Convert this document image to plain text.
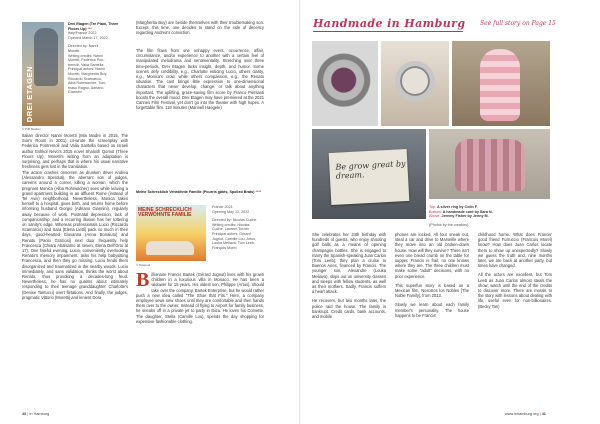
DREI ETAGEN
© Piffl Medien
Drei Etagen (Tre Piani, Three Floors Up) ***
Italy/France 2022
Opened March 17, 2022
Directed by: Nanni
Moretti
Writing credits: Nanni
Moretti, Federica Pon-
tremoli, Valia Santella
Principal actors: Nanni
Moretti, Margherita Buy,
Riccardo Scamarcio,
Alba Rohrwacher, Tom-
maso Ragno, Adriano
Giannini
Italian director Nanni Moretti (Mia Madre in 2015, The Son's Room in 2001) co-wrote the screenplay with Federica Pontremoli and Valia Santella based on Israeli author Eshkol Nevo's 2015 novel Shalosh Qomot (Three Floors Up). Moretti's writing from an adaptation is surprising, and perhaps that is where his usual narrative freshness gets lost in the translation.
The action crashes onscreen as drunken driver Andrea (Alessandro Sperduti), the aberrant son of judges, careens around a corner, killing a woman, which the pregnant Monica (Alba Rohrwacher) sees while leaving a grand apartment building in an affluent Rome (instead of Tel Aviv) neighborhood. Nevertheless, Monica takes herself to a hospital, gives birth, and returns home before informing husband Giorgio (Adriano Giannini), regularly away because of work. Postnatal depression, lack of companionship, and a recurring illusion has her tottering on sanity's edge. Whereas professionals Lucio (Riccardo Scamarcio) and Sara (Elena Lietti) pack so much in their days, good-hearted Giovanna (Anna Bonaiuto) and Renato (Paolo Graziosi) next door frequently help Francesca (Chiara Abalsamo at seven, Elena Dell'Orto at 17). One fateful evening, Lucio, conveniently overlooking Renato's memory impairment, asks his help babysitting Francesca, and then they go missing. Lucio fends them disorganized and traumatized in the nearby woods. Lucio immediately, and sans validation, thinks the worst about Renato, thus provoking a decades-long feud. Nevertheless, he has no qualms about intimately responding to their teenage granddaughter Charlotte's (Denise Tantucci) overt flirtations. And finally, the judges, pragmatic Vittorio (Moretti) and lenient Dora
(Margherita Buy) are beside themselves with their troublemaking son. Except, this time, one decides to stand on the side of decency regarding Andrea's conviction.
The film flows from one unhappy event, occurrence, affair, circumstance, and/or experience to another with a certain feel of manipulated melodrama and sentimentality. Stretching over three time-periods, Drei Etagen lacks insight, depth, and humor. Some scenes defy credibility, e.g., Charlotte enticing Lucio, others clarity, e.g., Monica's crow, while others compassion, e.g., the Renato situation. The cast brings little expression to one-dimensional characters that never develop, change, or talk about anything important. The uplifting, grace-saving film score by Franco Piersanti boosts the overall mood. Drei Etagen may have premiered at the 2021 Cannes Film Festival, yet don't go into the theater with high hopes. A forgettable film. 119 minutes (Marinell Haegele)
Meine Schrecklich Verwöhnte Familie (Pourris gâtés, Spoiled Brats) ****
MEINE SCHRECKLICH VERWÖHNTE FAMILIE
© Telepool
France 2021
Opening May 12, 2022
Directed by: Nicolas Cuche
Writing credits: Nicolas
Cuche, Laurent Turner
Principal actors: Gérard
Jugnot, Camille Lou, Artus,
Louka Meliava, Tom Leeb,
François Morel
Billionaire Francis Bartek (Gérard Jugnot) lives with his grown children in a luxurious villa in Monaco. He has been a widower for 15 years. His oldest son, Philippe (Artus), should take over the company, Bartek Enterprise, but he would rather push a new idea called "The Shoe that Fits." Here, a company employee sews new shoes until they are comfortable and then hands them over to the owner. Instead of flying to Airport for family business, he sneaks off in a private jet to party in Ibiza. He loves his Corvette. The daughter, Stella (Camille Lou), spends the day shopping for expensive fashionable clothing.
40 | In Hamburg
Handmade in Hamburg See full story on Page 15
Be grow great by dream.
Top: A silver ring by Colin F.
Bottom: A handmade card by Sara N.
Above: Jeremy Fisher by Jenny M.
(Photos by the creators)
She celebrates her 24th birthday with hundreds of guests, who enjoy shooting golf balls as a means of opening champagne bottles. She is engaged to marry the Spanish-speaking Juan Carlos (Tom Leeb); they plan a cruise to Buenos Aires, financed by Francis. The younger son, Alexandre (Louka Meliava), skips out on university classes and sleeps with fellow students, as well as their mothers. Sadly, Francis suffers a heart attack.
He recovers, but two months later, the police raid the house. The family is bankrupt. Credit cards, bank accounts, and mobile
phones are locked. All four sneak out, steal a car and drive to Marseille where they move into an old broken-down house. How will they survive? There isn't even one bread crumb on the table for supper. Francis is frail; no one knows where they are. The three children must make some "adult" decisions, with no prior experience.
This superfun story is based on a Mexican film, Nosotros los Nobles [The Noble Family], from 2013.
Slowly we learn about each family member's personality. The house happens to be Francis'
childhood home. What does Francis' good friend Furruccio (Francois Morel) know? How does Juan Carlos locate them to show up unexpectedly? Slowly we guess the truth and, nine months later, we are back at another party, but times have changed.
All the actors are excellent, but Tom Leeb as Juan Carlos almost steals the show; watch until the end of the credits to discover more. There are morals to the story with lessons about dealing with life, useful even for non-billionaires. (Becky Tan)
www.inhamburg.org | 41
